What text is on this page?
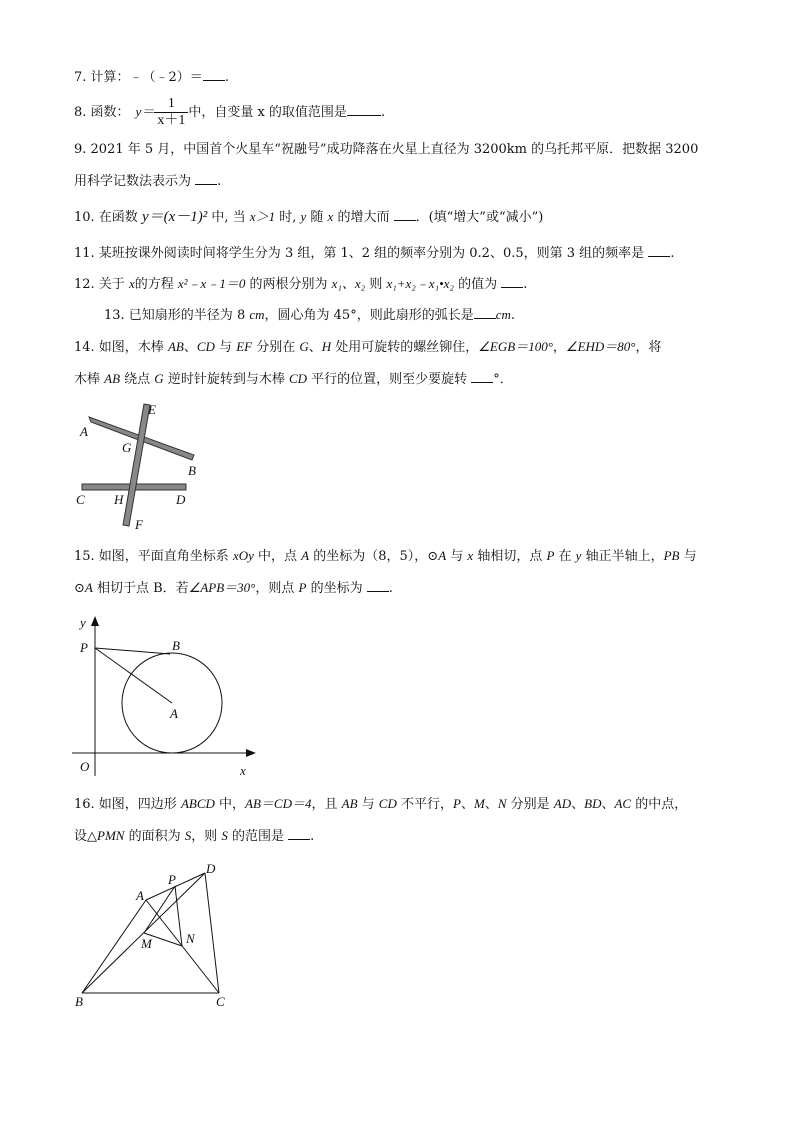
7. 计算：﹣（﹣2）＝ .
8. 函数： $y= \frac{1}{x+1}$ 中，自变量 x 的取值范围是	.
9. 2021 年 5 月，中国首个火星车“祝融号”成功降落在火星上直径为 3200km 的乌托邦平原．把数据 3200
用科学记数法表示为 .
10. 在函数 y＝(x－1)² 中, 当 x＞1 时, y 随 x 的增大而 ．(填“增大”或“减小”)
11. 某班按课外阅读时间将学生分为 3 组，第 1、2 组的频率分别为 0.2、0.5，则第 3 组的频率是 .
12. 关于 x的方程 x²﹣x﹣1＝0 的两根分别为 x₁、x₂ 则 x₁+x₂﹣x₁•x₂ 的值为 .
13. 已知扇形的半径为 8 cm，圆心角为 45°，则此扇形的弧长是 cm.
14. 如图，木棒 AB、CD 与 EF 分别在 G、H 处用可旋转的螺丝铆住，∠EGB＝100°，∠EHD＝80°，将
木棒 AB 绕点 G 逆时针旋转到与木棒 CD 平行的位置，则至少要旋转 °．
A
E
G
B
C H	D
F
15. 如图，平面直角坐标系 xOy 中，点 A 的坐标为（8，5），⊙A 与 x 轴相切，点 P 在 y 轴正半轴上，PB 与
⊙A 相切于点 B．若∠APB＝30°，则点 P 的坐标为 .
y
P	B
A
O	x
16. 如图，四边形 ABCD 中，AB＝CD＝4，且 AB 与 CD 不平行，P、M、N 分别是 AD、BD、AC 的中点，
设△PMN 的面积为 S，则 S 的范围是 .
A
P
D
M	N
B	C
